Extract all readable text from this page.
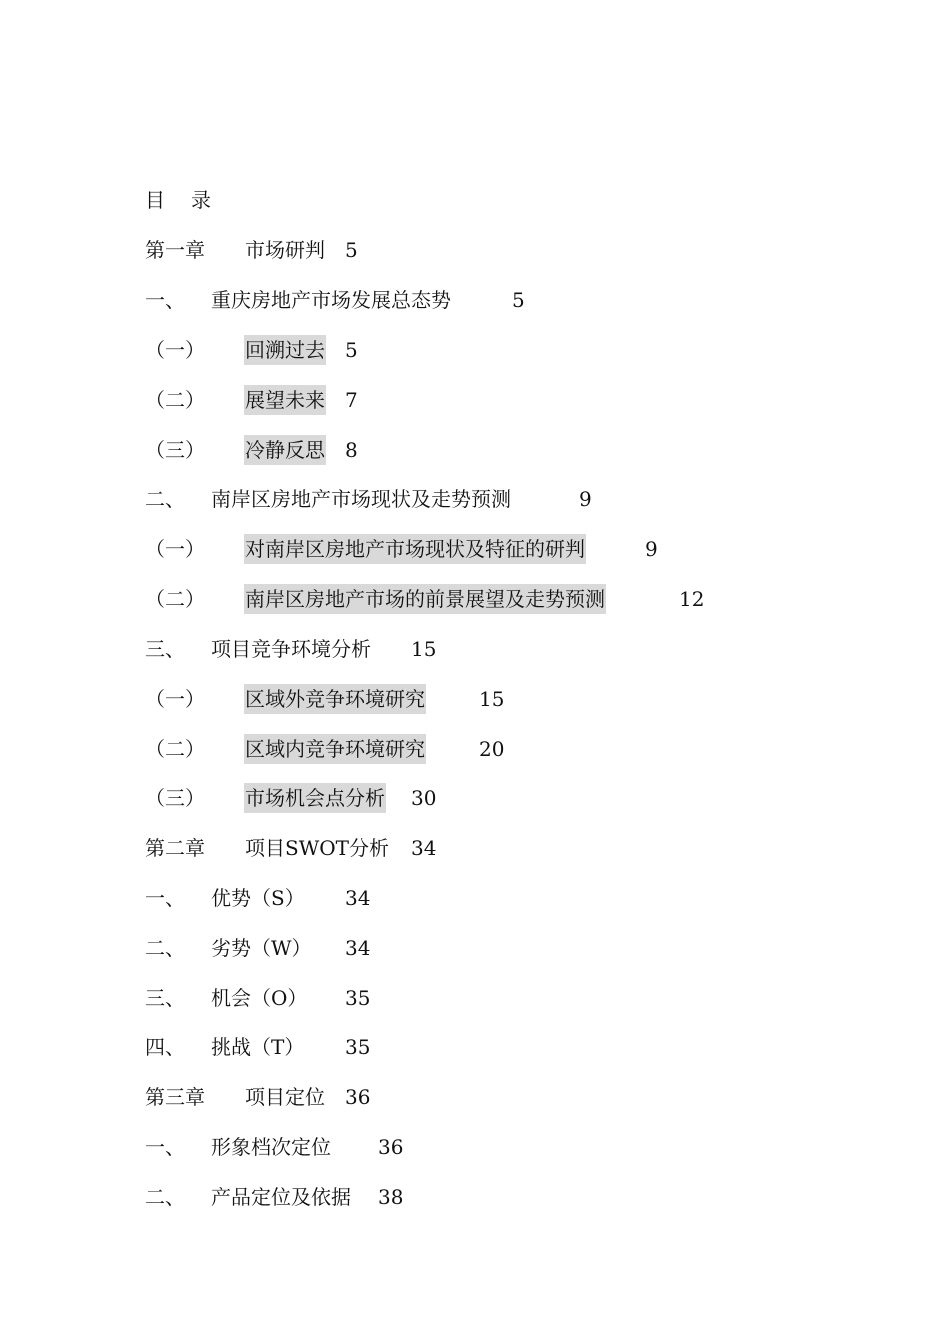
目 录
第一章 市场研判 5
一、 重庆房地产市场发展总态势	5
（一） 回溯过去 5
（二） 展望未来 7
（三） 冷静反思 8
二、 南岸区房地产市场现状及走势预测	9
（一） 对南岸区房地产市场现状及特征的研判	9
（二） 南岸区房地产市场的前景展望及走势预测	12
三、 项目竞争环境分析 15
（一） 区域外竞争环境研究	15
（二） 区域内竞争环境研究	20
（三） 市场机会点分析 30
第二章 项目SWOT分析 34
一、 优势（S） 34
二、 劣势（W） 34
三、 机会（O） 35
四、 挑战（T） 35
第三章 项目定位 36
一、 形象档次定位 36
二、 产品定位及依据 38
